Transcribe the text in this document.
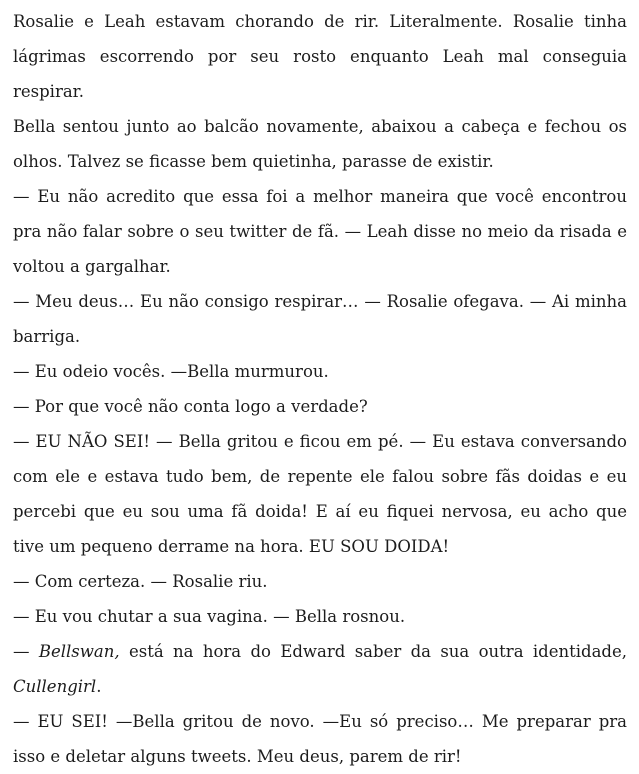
Rosalie e Leah estavam chorando de rir. Literalmente. Rosalie tinha lágrimas escorrendo por seu rosto enquanto Leah mal conseguia respirar.

Bella sentou junto ao balcão novamente, abaixou a cabeça e fechou os olhos. Talvez se ficasse bem quietinha, parasse de existir.

— Eu não acredito que essa foi a melhor maneira que você encontrou pra não falar sobre o seu twitter de fã. — Leah disse no meio da risada e voltou a gargalhar.

— Meu deus… Eu não consigo respirar… — Rosalie ofegava. — Ai minha barriga.

— Eu odeio vocês. —Bella murmurou.

— Por que você não conta logo a verdade?

— EU NÃO SEI! — Bella gritou e ficou em pé. — Eu estava conversando com ele e estava tudo bem, de repente ele falou sobre fãs doidas e eu percebi que eu sou uma fã doida! E aí eu fiquei nervosa, eu acho que tive um pequeno derrame na hora. EU SOU DOIDA!

— Com certeza. — Rosalie riu.

— Eu vou chutar a sua vagina. — Bella rosnou.

— Bellswan, está na hora do Edward saber da sua outra identidade, Cullengirl.

— EU SEI! —Bella gritou de novo. —Eu só preciso… Me preparar pra isso e deletar alguns tweets. Meu deus, parem de rir!
